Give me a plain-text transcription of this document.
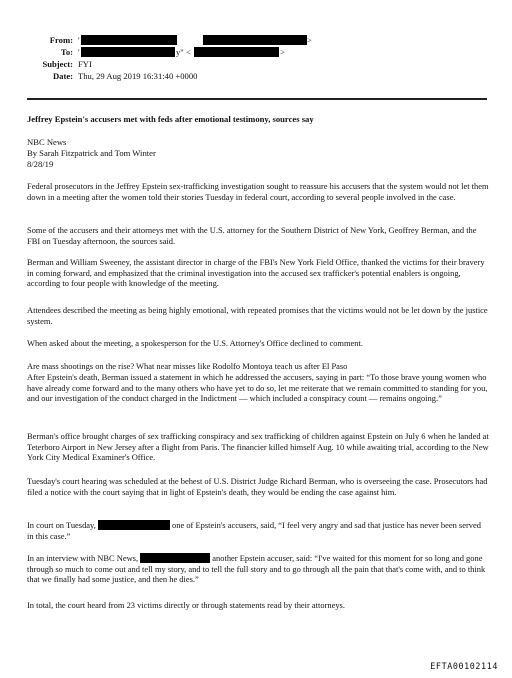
From: '	>
To: '	y" <	>
Subject: FYI
Date: Thu, 29 Aug 2019 16:31:40 +0000
Jeffrey Epstein's accusers met with feds after emotional testimony, sources say
NBC News
By Sarah Fitzpatrick and Tom Winter
8/28/19
Federal prosecutors in the Jeffrey Epstein sex-trafficking investigation sought to reassure his accusers that the system would not let them down in a meeting after the women told their stories Tuesday in federal court, according to several people involved in the case.
Some of the accusers and their attorneys met with the U.S. attorney for the Southern District of New York, Geoffrey Berman, and the FBI on Tuesday afternoon, the sources said.
Berman and William Sweeney, the assistant director in charge of the FBI's New York Field Office, thanked the victims for their bravery in coming forward, and emphasized that the criminal investigation into the accused sex trafficker's potential enablers is ongoing, according to four people with knowledge of the meeting.
Attendees described the meeting as being highly emotional, with repeated promises that the victims would not be let down by the justice system.
When asked about the meeting, a spokesperson for the U.S. Attorney's Office declined to comment.
Are mass shootings on the rise? What near misses like Rodolfo Montoya teach us after El Paso
After Epstein's death, Berman issued a statement in which he addressed the accusers, saying in part: “To those brave young women who have already come forward and to the many others who have yet to do so, let me reiterate that we remain committed to standing for you, and our investigation of the conduct charged in the Indictment — which included a conspiracy count — remains ongoing.”
Berman's office brought charges of sex trafficking conspiracy and sex trafficking of children against Epstein on July 6 when he landed at Teterboro Airport in New Jersey after a flight from Paris. The financier killed himself Aug. 10 while awaiting trial, according to the New York City Medical Examiner's Office.
Tuesday's court hearing was scheduled at the behest of U.S. District Judge Richard Berman, who is overseeing the case. Prosecutors had filed a notice with the court saying that in light of Epstein's death, they would be ending the case against him.
In court on Tuesday,	one of Epstein's accusers, said, “I feel very angry and sad that justice has never been served in this case.”
In an interview with NBC News,	another Epstein accuser, said: “I've waited for this moment for so long and gone through so much to come out and tell my story, and to tell the full story and to go through all the pain that that's come with, and to think that we finally had some justice, and then he dies.”
In total, the court heard from 23 victims directly or through statements read by their attorneys.
EFTA00102114
